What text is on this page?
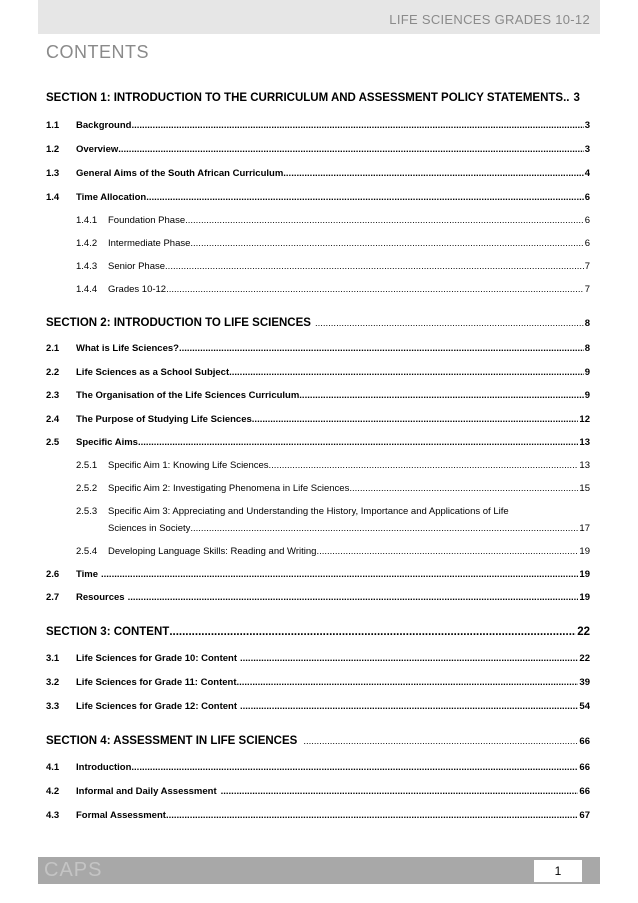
LIFE SCIENCES GRADES 10-12
CONTENTS
SECTION 1: INTRODUCTION TO THE CURRICULUM AND ASSESSMENT POLICY STATEMENTS.. 3
1.1	Background .....	3
1.2	Overview .....	3
1.3	General Aims of the South African Curriculum .....	4
1.4	Time Allocation .....	6
1.4.1	Foundation Phase .....	6
1.4.2	Intermediate Phase .....	6
1.4.3	Senior Phase .....	7
1.4.4	Grades 10-12 .....	7
SECTION 2: INTRODUCTION TO LIFE SCIENCES .....	8
2.1	What is Life Sciences? .....	8
2.2	Life Sciences as a School Subject .....	9
2.3	The Organisation of the Life Sciences Curriculum .....	9
2.4	The Purpose of Studying Life Sciences .....	12
2.5	Specific Aims .....	13
2.5.1	Specific Aim 1: Knowing Life Sciences .....	13
2.5.2	Specific Aim 2: Investigating Phenomena in Life Sciences .....	15
2.5.3 Specific Aim 3: Appreciating and Understanding the History, Importance and Applications of Life
Sciences in Society .....	17
2.5.4	Developing Language Skills: Reading and Writing .....	19
2.6	Time .....	19
2.7	Resources .....	19
SECTION 3: CONTENT .....	22
3.1	Life Sciences for Grade 10: Content .....	22
3.2	Life Sciences for Grade 11: Content .....	39
3.3	Life Sciences for Grade 12: Content .....	54
SECTION 4: ASSESSMENT IN LIFE SCIENCES .....	66
4.1	Introduction .....	66
4.2	Informal and Daily Assessment .....	66
4.3	Formal Assessment .....	67
CAPS	1
